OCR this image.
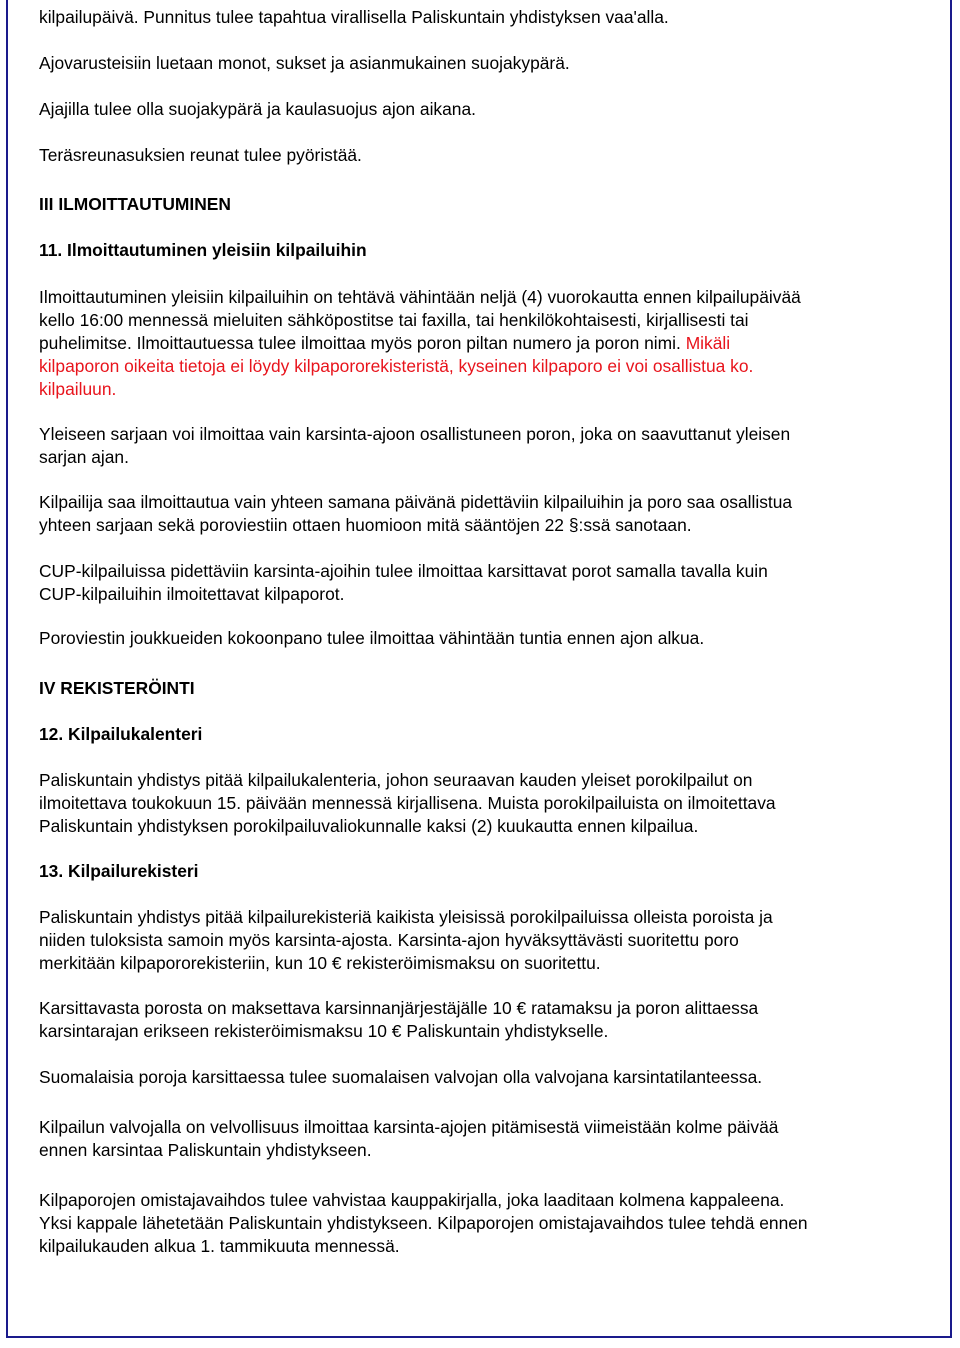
kilpailupäivä. Punnitus tulee tapahtua virallisella Paliskuntain yhdistyksen vaa'alla.
Ajovarusteisiin luetaan monot, sukset ja asianmukainen suojakypärä.
Ajajilla tulee olla suojakypärä ja kaulasuojus ajon aikana.
Teräsreunasuksien reunat tulee pyöristää.
III ILMOITTAUTUMINEN
11. Ilmoittautuminen yleisiin kilpailuihin
Ilmoittautuminen yleisiin kilpailuihin on tehtävä vähintään neljä (4) vuorokautta ennen kilpailupäivää
kello 16:00 mennessä mieluiten sähköpostitse tai faxilla, tai henkilökohtaisesti, kirjallisesti tai
puhelimitse. Ilmoittautuessa tulee ilmoittaa myös poron piltan numero ja poron nimi. Mikäli
kilpaporon oikeita tietoja ei löydy kilpapororekisteristä, kyseinen kilpaporo ei voi osallistua ko.
kilpailuun.
Yleiseen sarjaan voi ilmoittaa vain karsinta-ajoon osallistuneen poron, joka on saavuttanut yleisen
sarjan ajan.
Kilpailija saa ilmoittautua vain yhteen samana päivänä pidettäviin kilpailuihin ja poro saa osallistua
yhteen sarjaan sekä poroviestiin ottaen huomioon mitä sääntöjen 22 §:ssä sanotaan.
CUP-kilpailuissa pidettäviin karsinta-ajoihin tulee ilmoittaa karsittavat porot samalla tavalla kuin
CUP-kilpailuihin ilmoitettavat kilpaporot.
Poroviestin joukkueiden kokoonpano tulee ilmoittaa vähintään tuntia ennen ajon alkua.
IV REKISTERÖINTI
12. Kilpailukalenteri
Paliskuntain yhdistys pitää kilpailukalenteria, johon seuraavan kauden yleiset porokilpailut on
ilmoitettava toukokuun 15. päivään mennessä kirjallisena. Muista porokilpailuista on ilmoitettava
Paliskuntain yhdistyksen porokilpailuvaliokunnalle kaksi (2) kuukautta ennen kilpailua.
13. Kilpailurekisteri
Paliskuntain yhdistys pitää kilpailurekisteriä kaikista yleisissä porokilpailuissa olleista poroista ja
niiden tuloksista samoin myös karsinta-ajosta. Karsinta-ajon hyväksyttävästi suoritettu poro
merkitään kilpapororekisteriin, kun 10 € rekisteröimismaksu on suoritettu.
Karsittavasta porosta on maksettava karsinnanjärjestäjälle 10 € ratamaksu ja poron alittaessa
karsintarajan erikseen rekisteröimismaksu 10 € Paliskuntain yhdistykselle.
Suomalaisia poroja karsittaessa tulee suomalaisen valvojan olla valvojana karsintatilanteessa.
Kilpailun valvojalla on velvollisuus ilmoittaa karsinta-ajojen pitämisestä viimeistään kolme päivää
ennen karsintaa Paliskuntain yhdistykseen.
Kilpaporojen omistajavaihdos tulee vahvistaa kauppakirjalla, joka laaditaan kolmena kappaleena.
Yksi kappale lähetetään Paliskuntain yhdistykseen. Kilpaporojen omistajavaihdos tulee tehdä ennen
kilpailukauden alkua 1. tammikuuta mennessä.
